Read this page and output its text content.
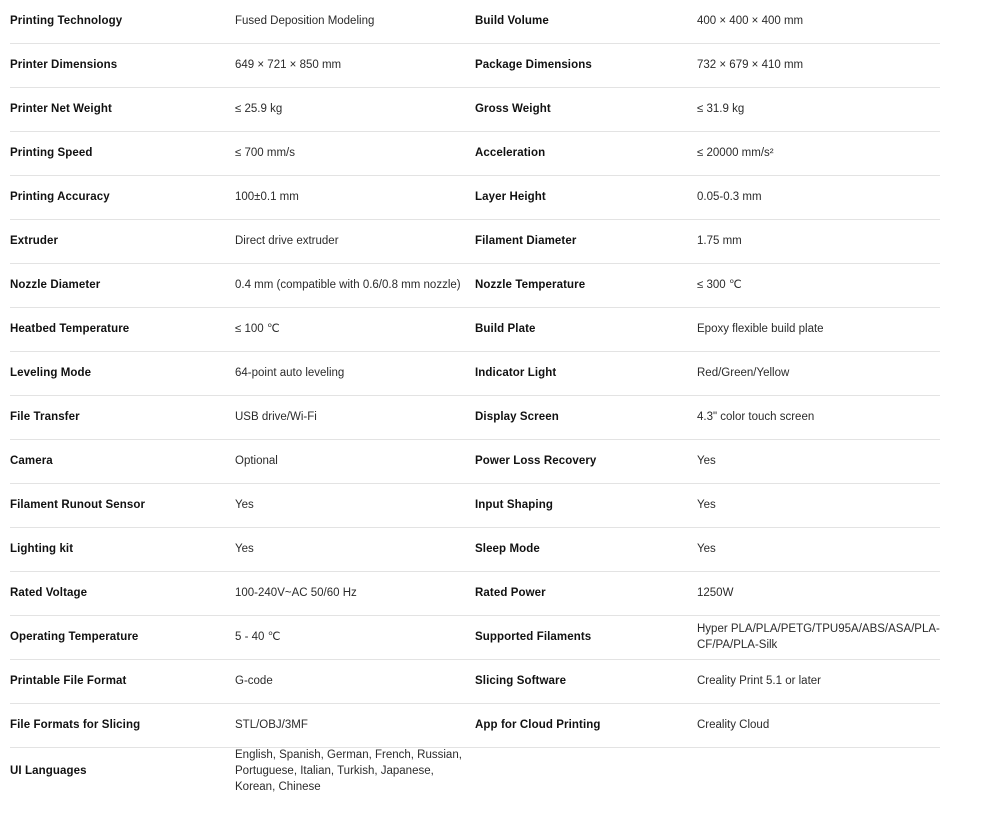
Printing Technology	Fused Deposition Modeling	Build Volume	400 × 400 × 400 mm
Printer Dimensions	649 × 721 × 850 mm	Package Dimensions	732 × 679 × 410 mm
Printer Net Weight	≤ 25.9 kg	Gross Weight	≤ 31.9 kg
Printing Speed	≤ 700 mm/s	Acceleration	≤ 20000 mm/s²
Printing Accuracy	100±0.1 mm	Layer Height	0.05-0.3 mm
Extruder	Direct drive extruder	Filament Diameter	1.75 mm
Nozzle Diameter	0.4 mm (compatible with 0.6/0.8 mm nozzle)	Nozzle Temperature	≤ 300 ℃
Heatbed Temperature	≤ 100 ℃	Build Plate	Epoxy flexible build plate
Leveling Mode	64-point auto leveling	Indicator Light	Red/Green/Yellow
File Transfer	USB drive/Wi-Fi	Display Screen	4.3" color touch screen
Camera	Optional	Power Loss Recovery	Yes
Filament Runout Sensor	Yes	Input Shaping	Yes
Lighting kit	Yes	Sleep Mode	Yes
Rated Voltage	100-240V~AC 50/60 Hz	Rated Power	1250W
Operating Temperature	5 - 40 ℃	Supported Filaments	Hyper PLA/PLA/PETG/TPU95A/ABS/ASA/PLA-CF/PA/PLA-Silk
Printable File Format	G-code	Slicing Software	Creality Print 5.1 or later
File Formats for Slicing	STL/OBJ/3MF	App for Cloud Printing	Creality Cloud
UI Languages	English, Spanish, German, French, Russian, Portuguese, Italian, Turkish, Japanese, Korean, Chinese		
